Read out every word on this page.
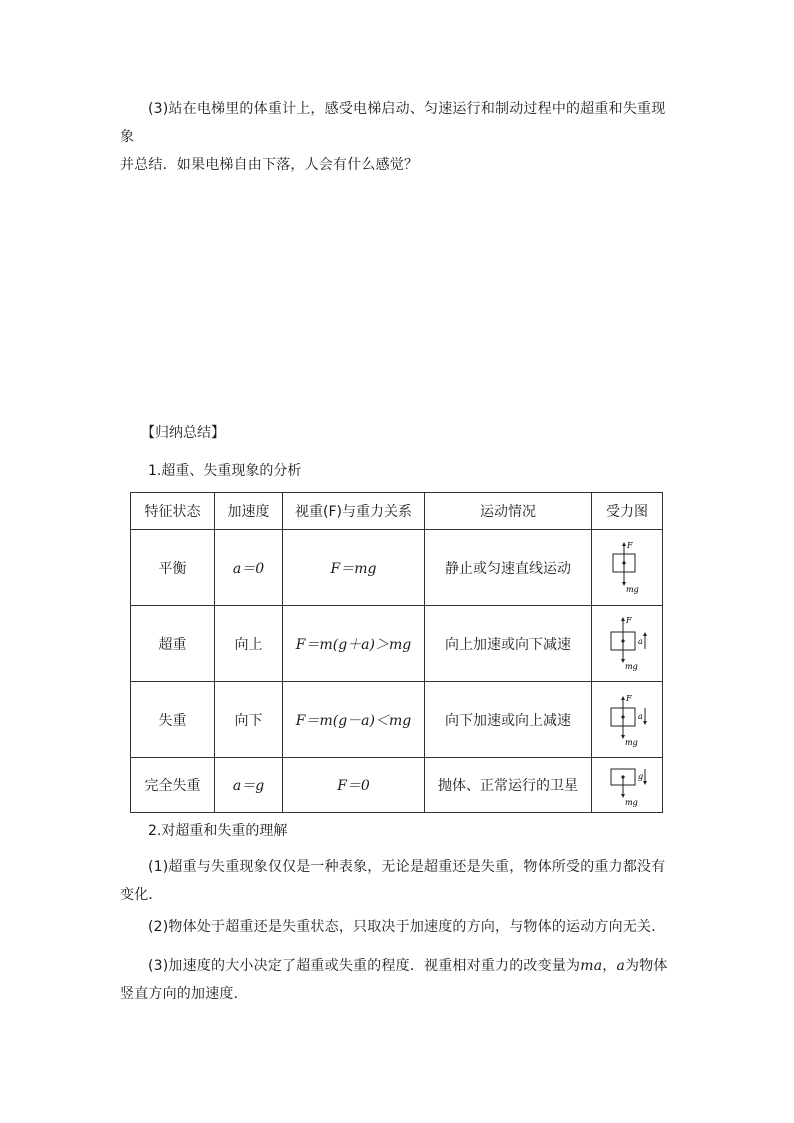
(3)站在电梯里的体重计上，感受电梯启动、匀速运行和制动过程中的超重和失重现象
并总结．如果电梯自由下落，人会有什么感觉？
【归纳总结】
1.超重、失重现象的分析
特征状态	加速度	视重(F)与重力关系	运动情况	受力图
平衡	a＝0	F＝mg	静止或匀速直线运动	F
mg

超重	向上	F＝m(g＋a)＞mg	向上加速或向下减速	F
a
mg

失重	向下	F＝m(g－a)＜mg	向下加速或向上减速	F
a
mg

完全失重	a＝g	F＝0	抛体、正常运行的卫星	g
mg
2.对超重和失重的理解
(1)超重与失重现象仅仅是一种表象，无论是超重还是失重，物体所受的重力都没有变化．
(2)物体处于超重还是失重状态，只取决于加速度的方向，与物体的运动方向无关．
(3)加速度的大小决定了超重或失重的程度．视重相对重力的改变量为ma，a为物体竖直方向的加速度．
